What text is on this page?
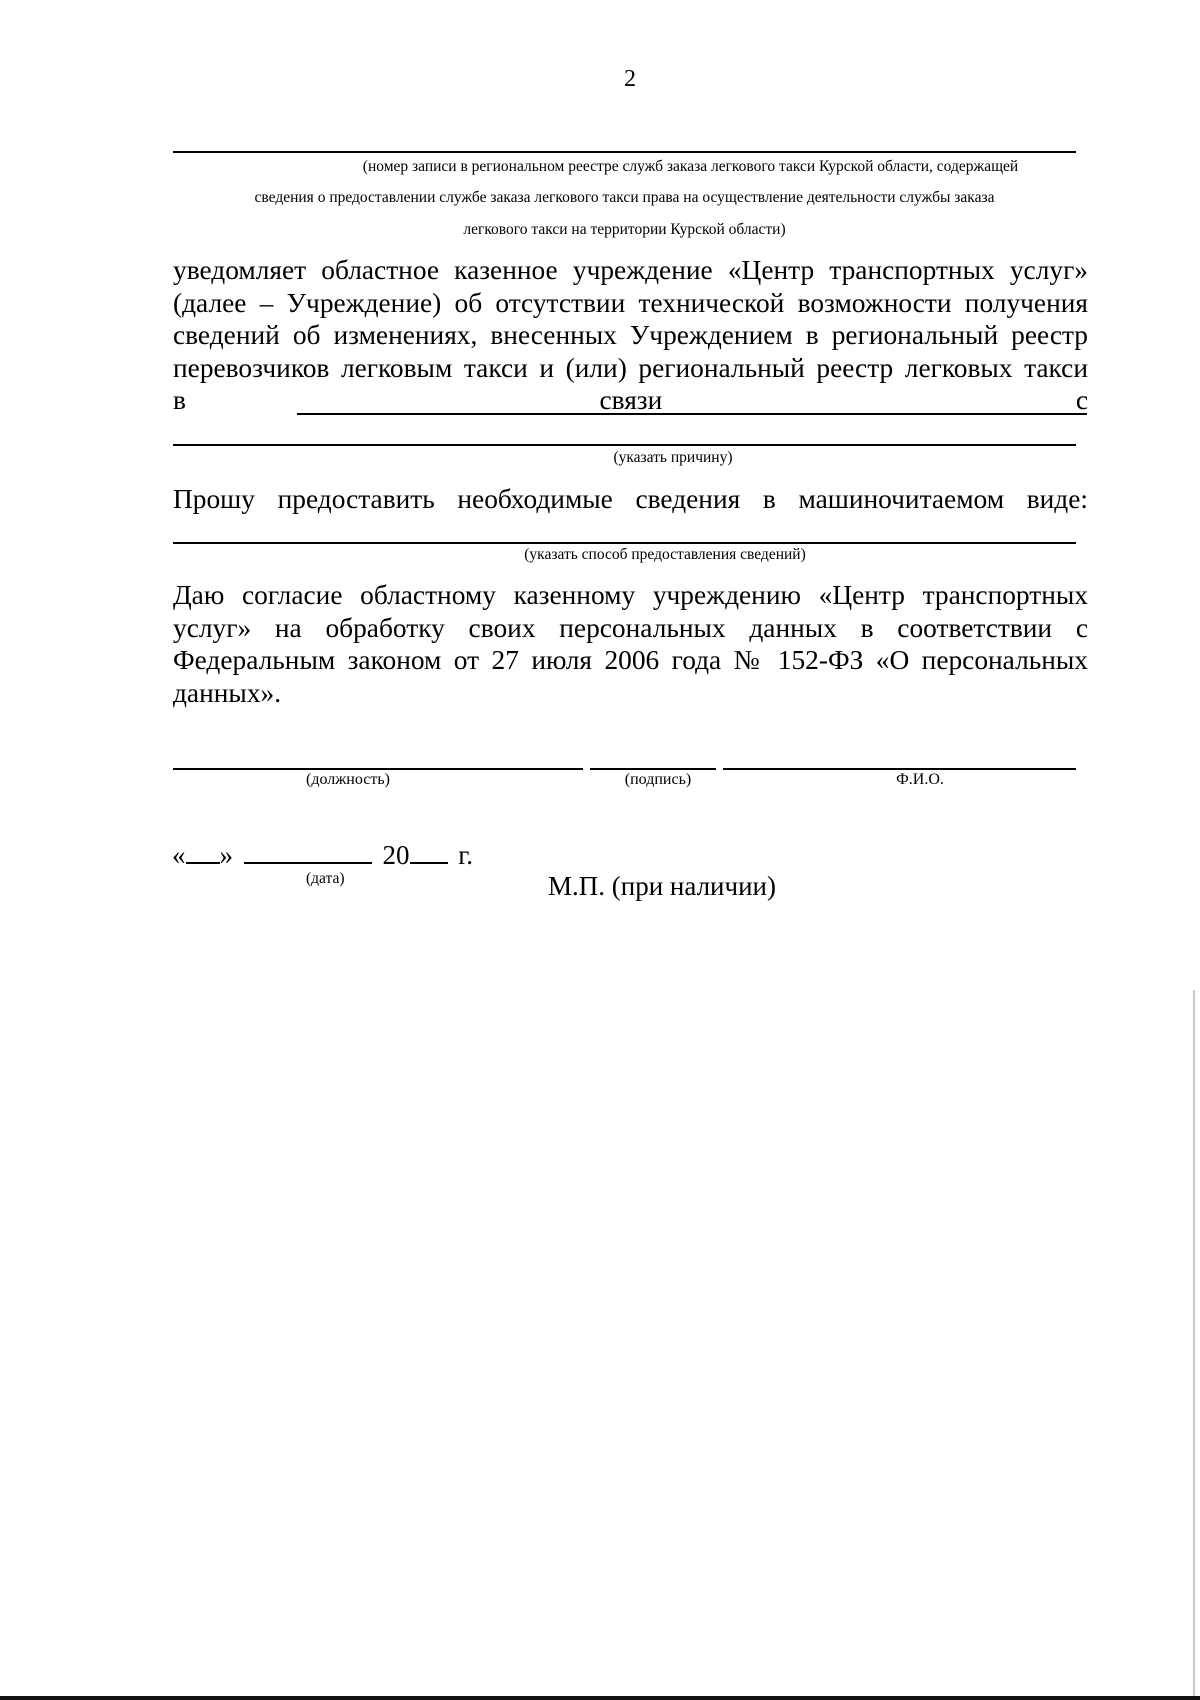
2
(номер записи в региональном реестре служб заказа легкового такси Курской области, содержащей
сведения о предоставлении службе заказа легкового такси права на осуществление деятельности службы заказа
легкового такси на территории Курской области)
уведомляет областное казенное учреждение «Центр транспортных услуг»
(далее – Учреждение) об отсутствии технической возможности получения
сведений об изменениях, внесенных Учреждением в региональный реестр
перевозчиков легковым такси и (или) региональный реестр легковых такси
в связи с
(указать причину)
Прошу предоставить необходимые сведения в машиночитаемом виде:
(указать способ предоставления сведений)
Даю согласие областному казенному учреждению «Центр транспортных
услуг» на обработку своих персональных данных в соответствии с
Федеральным законом от 27 июля 2006 года № 152-ФЗ «О персональных
данных».
(должность)	(подпись)	Ф.И.О.
« »	20 г.
(дата)	М.П. (при наличии)
